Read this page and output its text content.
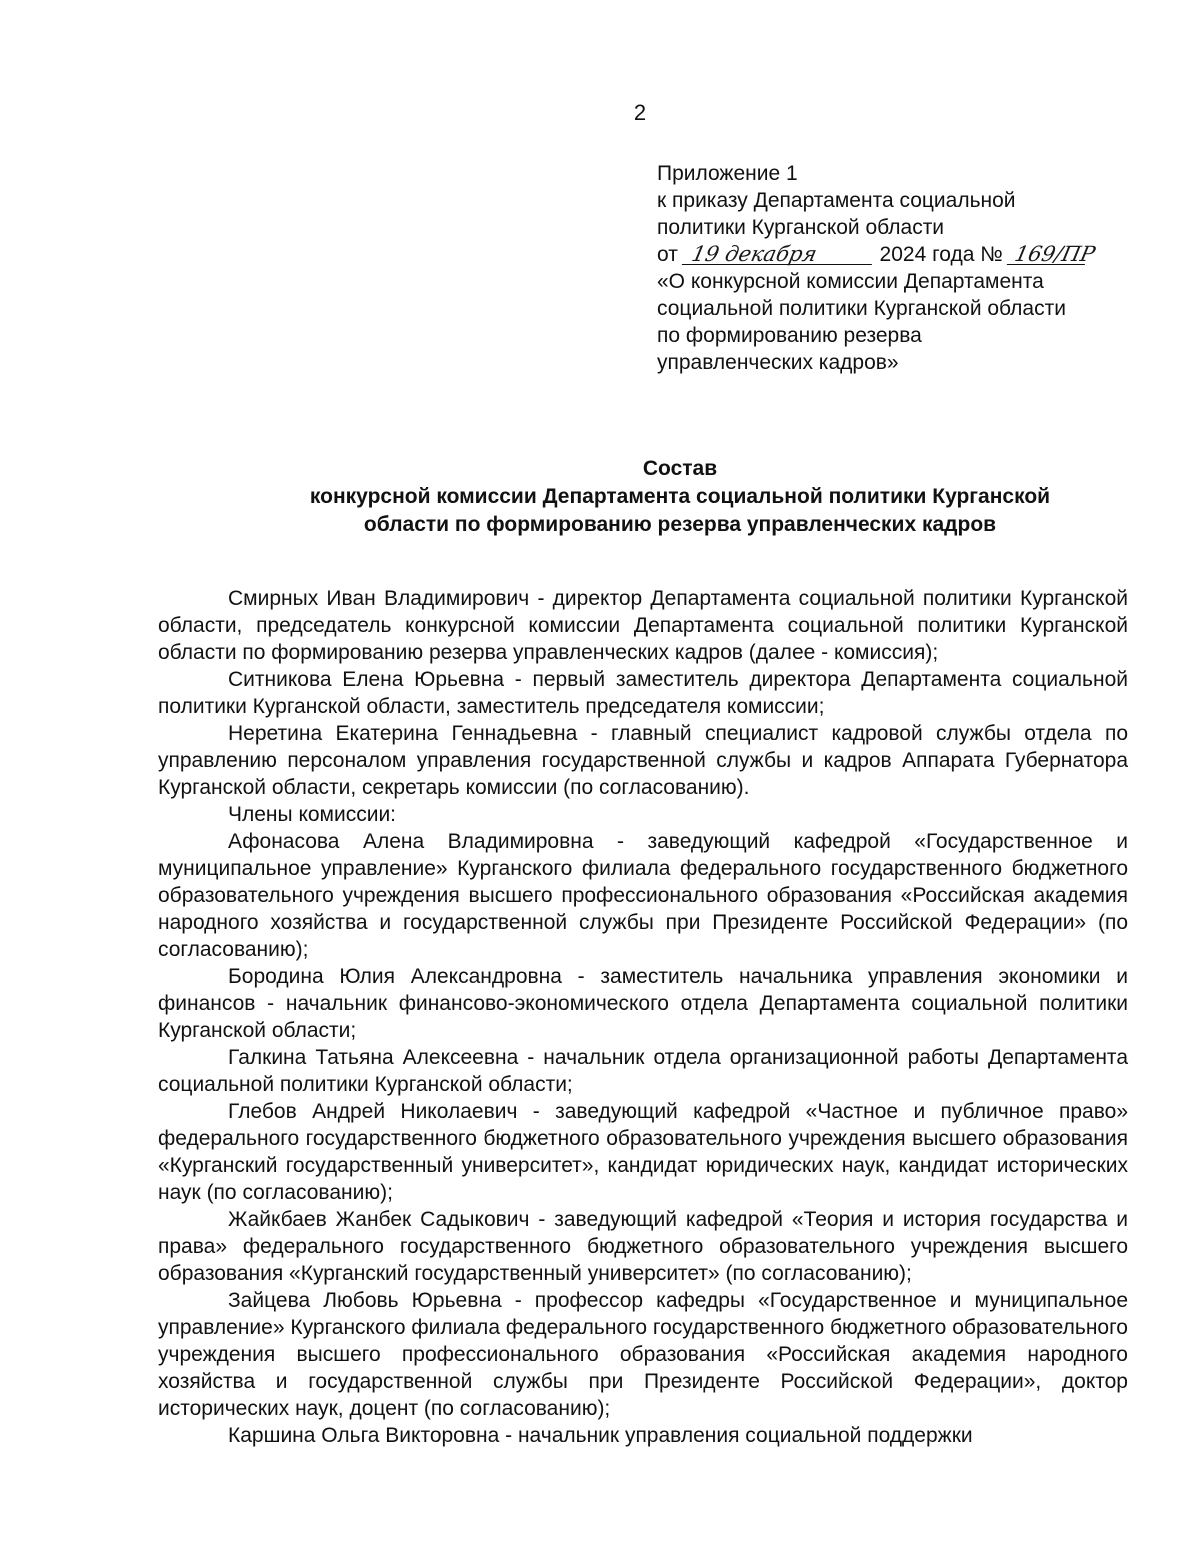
2
Приложение 1
к приказу Департамента социальной
политики Курганской области
от 19 декабря	2024 года № 169/ПР
«О конкурсной комиссии Департамента
социальной политики Курганской области
по формированию резерва
управленческих кадров»
Состав
конкурсной комиссии Департамента социальной политики Курганской
области по формированию резерва управленческих кадров

Смирных Иван Владимирович - директор Департамента социальной политики Курганской области, председатель конкурсной комиссии Департамента социальной политики Курганской области по формированию резерва управленческих кадров (далее - комиссия);

Ситникова Елена Юрьевна - первый заместитель директора Департамента социальной политики Курганской области, заместитель председателя комиссии;

Неретина Екатерина Геннадьевна - главный специалист кадровой службы отдела по управлению персоналом управления государственной службы и кадров Аппарата Губернатора Курганской области, секретарь комиссии (по согласованию).

Члены комиссии:

Афонасова Алена Владимировна - заведующий кафедрой «Государственное и муниципальное управление» Курганского филиала федерального государственного бюджетного образовательного учреждения высшего профессионального образования «Российская академия народного хозяйства и государственной службы при Президенте Российской Федерации» (по согласованию);

Бородина Юлия Александровна - заместитель начальника управления экономики и финансов - начальник финансово-экономического отдела Департамента социальной политики Курганской области;

Галкина Татьяна Алексеевна - начальник отдела организационной работы Департамента социальной политики Курганской области;

Глебов Андрей Николаевич - заведующий кафедрой «Частное и публичное право» федерального государственного бюджетного образовательного учреждения высшего образования «Курганский государственный университет», кандидат юридических наук, кандидат исторических наук (по согласованию);

Жайкбаев Жанбек Садыкович - заведующий кафедрой «Теория и история государства и права» федерального государственного бюджетного образовательного учреждения высшего образования «Курганский государственный университет» (по согласованию);

Зайцева Любовь Юрьевна - профессор кафедры «Государственное и муниципальное управление» Курганского филиала федерального государственного бюджетного образовательного учреждения высшего профессионального образования «Российская академия народного хозяйства и государственной службы при Президенте Российской Федерации», доктор исторических наук, доцент (по согласованию);

Каршина Ольга Викторовна - начальник управления социальной поддержки
